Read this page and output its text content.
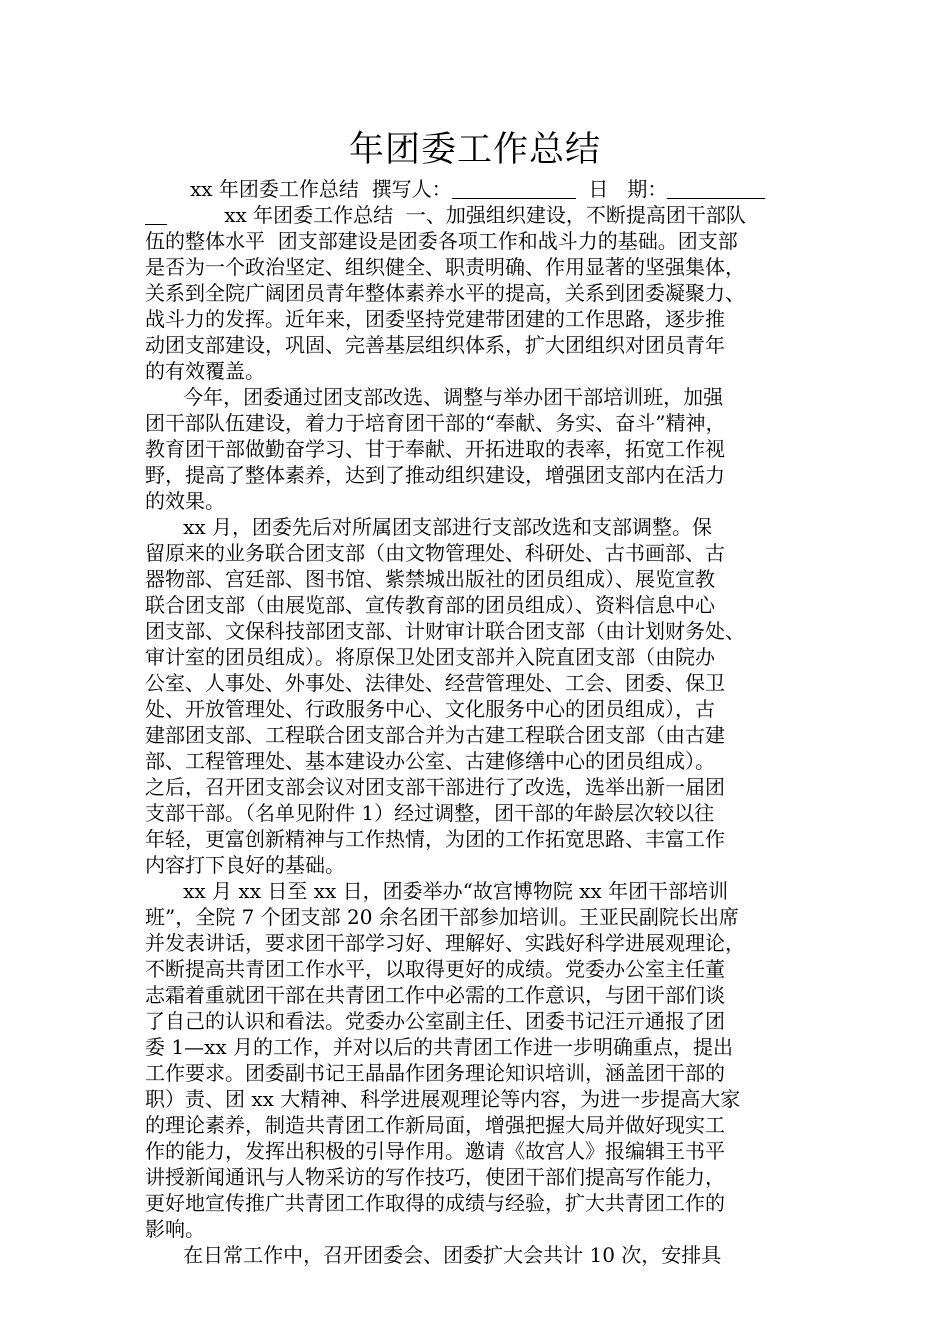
年团委工作总结
xx 年团委工作总结  撰写人：	日   期：
xx 年团委工作总结  一、加强组织建设，不断提高团干部队
伍的整体水平  团支部建设是团委各项工作和战斗力的基础。团支部
是否为一个政治坚定、组织健全、职责明确、作用显著的坚强集体，
关系到全院广阔团员青年整体素养水平的提高，关系到团委凝聚力、
战斗力的发挥。近年来，团委坚持党建带团建的工作思路，逐步推
动团支部建设，巩固、完善基层组织体系，扩大团组织对团员青年
的有效覆盖。
今年，团委通过团支部改选、调整与举办团干部培训班，加强
团干部队伍建设，着力于培育团干部的“奉献、务实、奋斗”精神，
教育团干部做勤奋学习、甘于奉献、开拓进取的表率，拓宽工作视
野，提高了整体素养，达到了推动组织建设，增强团支部内在活力
的效果。
xx 月，团委先后对所属团支部进行支部改选和支部调整。保
留原来的业务联合团支部（由文物管理处、科研处、古书画部、古
器物部、宫廷部、图书馆、紫禁城出版社的团员组成）、展览宣教
联合团支部（由展览部、宣传教育部的团员组成）、资料信息中心
团支部、文保科技部团支部、计财审计联合团支部（由计划财务处、
审计室的团员组成）。将原保卫处团支部并入院直团支部（由院办
公室、人事处、外事处、法律处、经营管理处、工会、团委、保卫
处、开放管理处、行政服务中心、文化服务中心的团员组成），古
建部团支部、工程联合团支部合并为古建工程联合团支部（由古建
部、工程管理处、基本建设办公室、古建修缮中心的团员组成）。
之后，召开团支部会议对团支部干部进行了改选，选举出新一届团
支部干部。（名单见附件 1）经过调整，团干部的年龄层次较以往
年轻，更富创新精神与工作热情，为团的工作拓宽思路、丰富工作
内容打下良好的基础。
xx 月 xx 日至 xx 日，团委举办“故宫博物院 xx 年团干部培训
班”，全院 7 个团支部 20 余名团干部参加培训。王亚民副院长出席
并发表讲话，要求团干部学习好、理解好、实践好科学进展观理论，
不断提高共青团工作水平，以取得更好的成绩。党委办公室主任董
志霜着重就团干部在共青团工作中必需的工作意识，与团干部们谈
了自己的认识和看法。党委办公室副主任、团委书记汪亓通报了团
委 1—xx 月的工作，并对以后的共青团工作进一步明确重点，提出
工作要求。团委副书记王晶晶作团务理论知识培训，涵盖团干部的
职）责、团 xx 大精神、科学进展观理论等内容，为进一步提高大家
的理论素养，制造共青团工作新局面，增强把握大局并做好现实工
作的能力，发挥出积极的引导作用。邀请《故宫人》报编辑王书平
讲授新闻通讯与人物采访的写作技巧，使团干部们提高写作能力，
更好地宣传推广共青团工作取得的成绩与经验，扩大共青团工作的
影响。
在日常工作中，召开团委会、团委扩大会共计 10 次，安排具
